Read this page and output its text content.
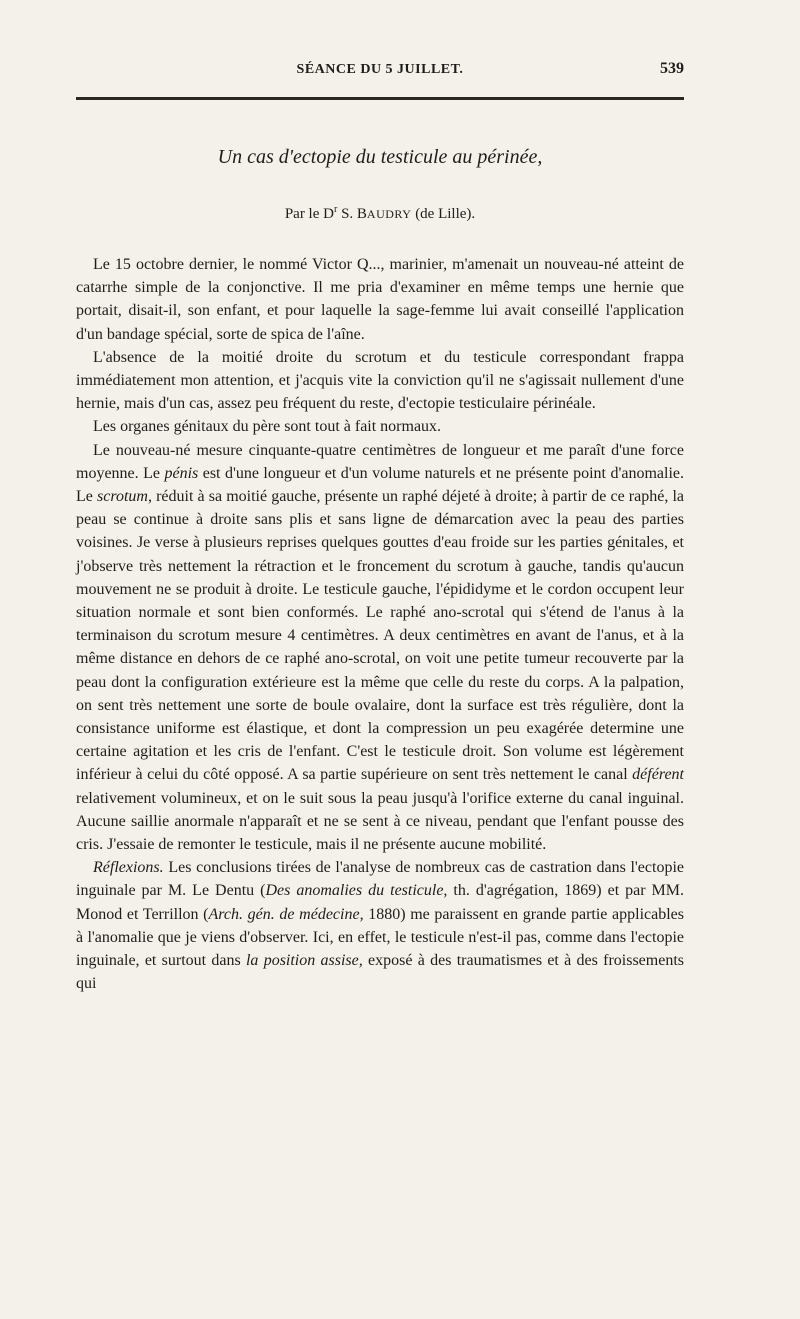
SÉANCE DU 5 JUILLET.	539
Un cas d'ectopie du testicule au périnée,
Par le $D^r$ S. BAUDRY (de Lille).

Le 15 octobre dernier, le nommé Victor Q..., marinier, m'amenait un nouveau-né atteint de catarrhe simple de la conjonctive. Il me pria d'examiner en même temps une hernie que portait, disait-il, son enfant, et pour laquelle la sage-femme lui avait conseillé l'application d'un bandage spécial, sorte de spica de l'aîne.

L'absence de la moitié droite du scrotum et du testicule correspondant frappa immédiatement mon attention, et j'acquis vite la conviction qu'il ne s'agissait nullement d'une hernie, mais d'un cas, assez peu fréquent du reste, d'ectopie testiculaire périnéale.

Les organes génitaux du père sont tout à fait normaux.

Le nouveau-né mesure cinquante-quatre centimètres de longueur et me paraît d'une force moyenne. Le pénis est d'une longueur et d'un volume naturels et ne présente point d'anomalie. Le scrotum, réduit à sa moitié gauche, présente un raphé déjeté à droite; à partir de ce raphé, la peau se continue à droite sans plis et sans ligne de démarcation avec la peau des parties voisines. Je verse à plusieurs reprises quelques gouttes d'eau froide sur les parties génitales, et j'observe très nettement la rétraction et le froncement du scrotum à gauche, tandis qu'aucun mouvement ne se produit à droite. Le testicule gauche, l'épididyme et le cordon occupent leur situation normale et sont bien conformés. Le raphé ano-scrotal qui s'étend de l'anus à la terminaison du scrotum mesure 4 centimètres. A deux centimètres en avant de l'anus, et à la même distance en dehors de ce raphé ano-scrotal, on voit une petite tumeur recouverte par la peau dont la configuration extérieure est la même que celle du reste du corps. A la palpation, on sent très nettement une sorte de boule ovalaire, dont la surface est très régulière, dont la consistance uniforme est élastique, et dont la compression un peu exagérée determine une certaine agitation et les cris de l'enfant. C'est le testicule droit. Son volume est légèrement inférieur à celui du côté opposé. A sa partie supérieure on sent très nettement le canal déférent relativement volumineux, et on le suit sous la peau jusqu'à l'orifice externe du canal inguinal. Aucune saillie anormale n'apparaît et ne se sent à ce niveau, pendant que l'enfant pousse des cris. J'essaie de remonter le testicule, mais il ne présente aucune mobilité.

Réflexions. Les conclusions tirées de l'analyse de nombreux cas de castration dans l'ectopie inguinale par M. Le Dentu (Des anomalies du testicule, th. d'agrégation, 1869) et par MM. Monod et Terrillon (Arch. gén. de médecine, 1880) me paraissent en grande partie applicables à l'anomalie que je viens d'observer. Ici, en effet, le testicule n'est-il pas, comme dans l'ectopie inguinale, et surtout dans la position assise, exposé à des traumatismes et à des froissements qui
